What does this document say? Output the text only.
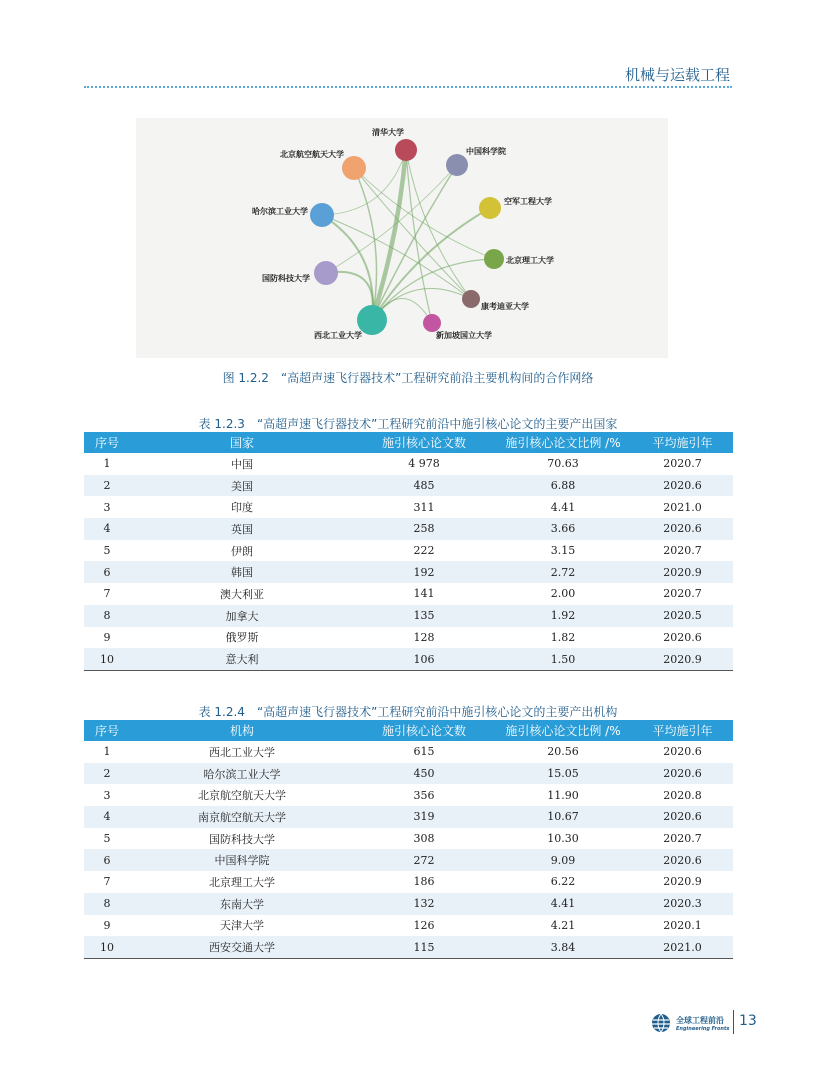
机械与运载工程
清华大学
北京航空航天大学	中国科学院
哈尔滨工业大学
空军工程大学
北京理工大学
国防科技大学
康考迪亚大学
西北工业大学	新加坡国立大学
图 1.2.2　“高超声速飞行器技术”工程研究前沿主要机构间的合作网络
表 1.2.3　“高超声速飞行器技术”工程研究前沿中施引核心论文的主要产出国家
序号	国家	施引核心论文数	施引核心论文比例 /%	平均施引年
1	中国	4 978	70.63	2020.7
2	美国	485	6.88	2020.6
3	印度	311	4.41	2021.0
4	英国	258	3.66	2020.6
5	伊朗	222	3.15	2020.7
6	韩国	192	2.72	2020.9
7	澳大利亚	141	2.00	2020.7
8	加拿大	135	1.92	2020.5
9	俄罗斯	128	1.82	2020.6
10	意大利	106	1.50	2020.9
表 1.2.4　“高超声速飞行器技术”工程研究前沿中施引核心论文的主要产出机构
序号	机构	施引核心论文数	施引核心论文比例 /%	平均施引年
1	西北工业大学	615	20.56	2020.6
2	哈尔滨工业大学	450	15.05	2020.6
3	北京航空航天大学	356	11.90	2020.8
4	南京航空航天大学	319	10.67	2020.6
5	国防科技大学	308	10.30	2020.7
6	中国科学院	272	9.09	2020.6
7	北京理工大学	186	6.22	2020.9
8	东南大学	132	4.41	2020.3
9	天津大学	126	4.21	2020.1
10	西安交通大学	115	3.84	2021.0
全球工程前沿
Engineering Fronts 13
